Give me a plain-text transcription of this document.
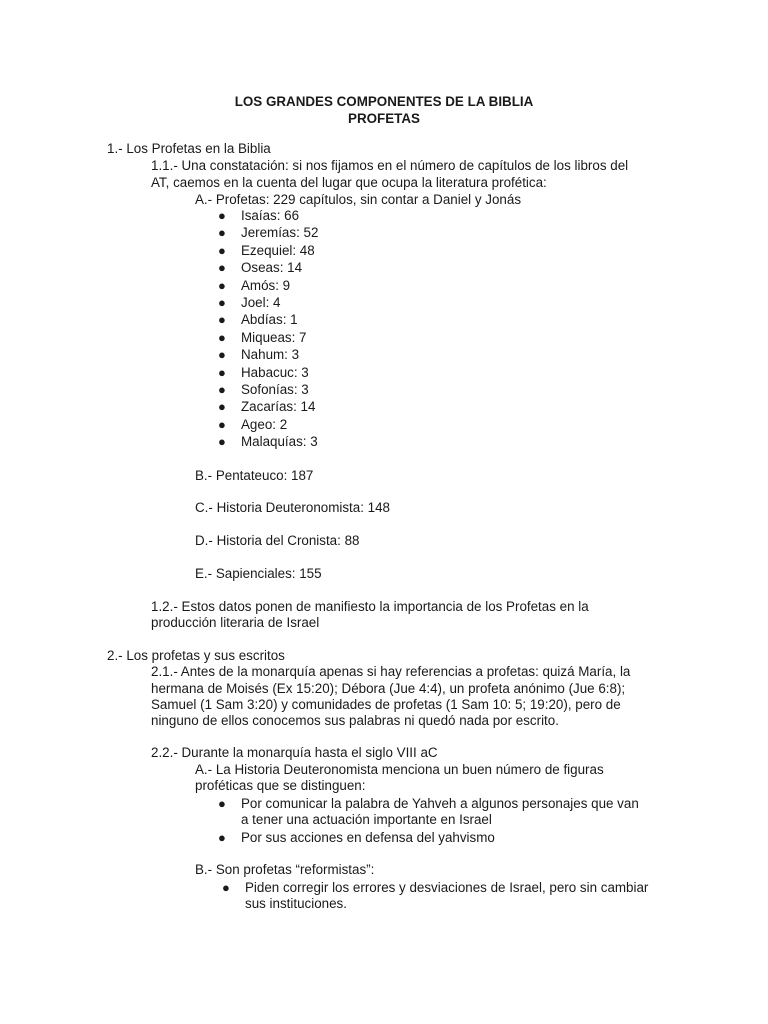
LOS GRANDES COMPONENTES DE LA BIBLIA
PROFETAS
1.- Los Profetas en la Biblia
1.1.- Una constatación: si nos fijamos en el número de capítulos de los libros del
AT, caemos en la cuenta del lugar que ocupa la literatura profética:
A.- Profetas: 229 capítulos, sin contar a Daniel y Jonás
● Isaías: 66
● Jeremías: 52
● Ezequiel: 48
● Oseas: 14
● Amós: 9
● Joel: 4
● Abdías: 1
● Miqueas: 7
● Nahum: 3
● Habacuc: 3
● Sofonías: 3
● Zacarías: 14
● Ageo: 2
● Malaquías: 3
B.- Pentateuco: 187
C.- Historia Deuteronomista: 148
D.- Historia del Cronista: 88
E.- Sapienciales: 155
1.2.- Estos datos ponen de manifiesto la importancia de los Profetas en la
producción literaria de Israel
2.- Los profetas y sus escritos
2.1.- Antes de la monarquía apenas si hay referencias a profetas: quizá María, la
hermana de Moisés (Ex 15:20); Débora (Jue 4:4), un profeta anónimo (Jue 6:8);
Samuel (1 Sam 3:20) y comunidades de profetas (1 Sam 10: 5; 19:20), pero de
ninguno de ellos conocemos sus palabras ni quedó nada por escrito.
2.2.- Durante la monarquía hasta el siglo VIII aC
A.- La Historia Deuteronomista menciona un buen número de figuras
proféticas que se distinguen:
● Por comunicar la palabra de Yahveh a algunos personajes que van
a tener una actuación importante en Israel
● Por sus acciones en defensa del yahvismo
B.- Son profetas “reformistas”:
● Piden corregir los errores y desviaciones de Israel, pero sin cambiar
sus instituciones.
